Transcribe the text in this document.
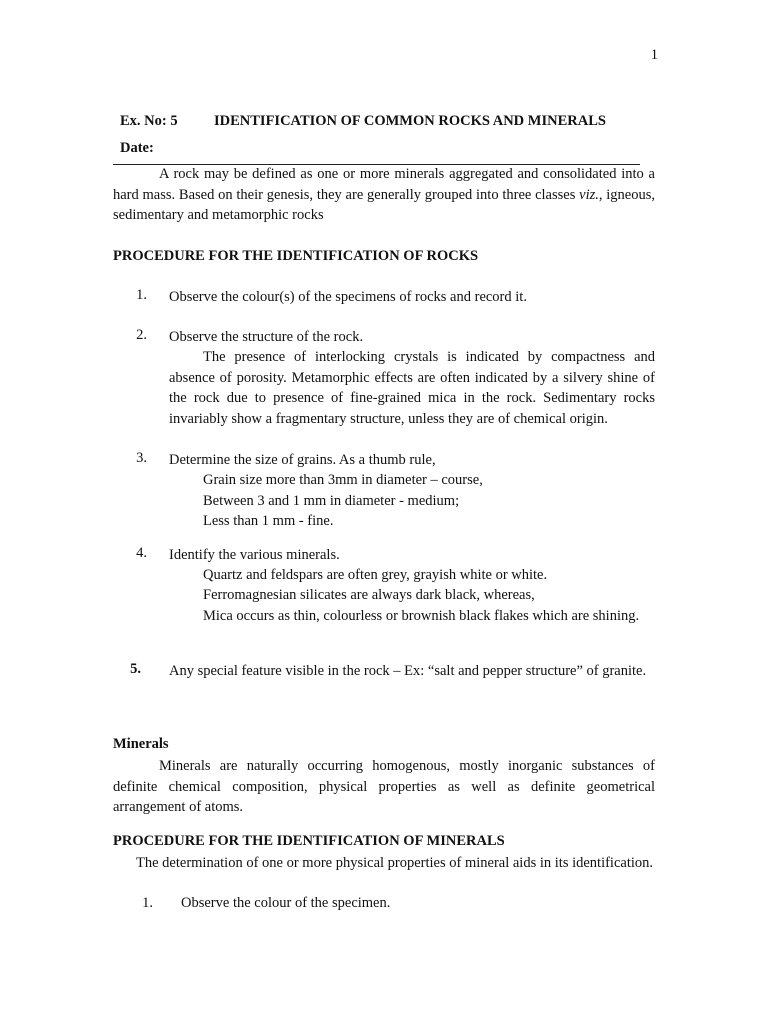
1
Ex. No: 5	IDENTIFICATION OF COMMON ROCKS AND MINERALS
Date:
A rock may be defined as one or more minerals aggregated and consolidated into a hard mass. Based on their genesis, they are generally grouped into three classes viz., igneous, sedimentary and metamorphic rocks
PROCEDURE FOR THE IDENTIFICATION OF ROCKS
1. Observe the colour(s) of the specimens of rocks and record it.
2. Observe the structure of the rock.
The presence of interlocking crystals is indicated by compactness and absence of porosity. Metamorphic effects are often indicated by a silvery shine of the rock due to presence of fine-grained mica in the rock. Sedimentary rocks invariably show a fragmentary structure, unless they are of chemical origin.
3. Determine the size of grains. As a thumb rule,
Grain size more than 3mm in diameter – course,
Between 3 and 1 mm in diameter - medium;
Less than 1 mm - fine.
4. Identify the various minerals.
Quartz and feldspars are often grey, grayish white or white.
Ferromagnesian silicates are always dark black, whereas,
Mica occurs as thin, colourless or brownish black flakes which are shining.
5. Any special feature visible in the rock – Ex: “salt and pepper structure” of granite.
Minerals
Minerals are naturally occurring homogenous, mostly inorganic substances of definite chemical composition, physical properties as well as definite geometrical arrangement of atoms.
PROCEDURE FOR THE IDENTIFICATION OF MINERALS
The determination of one or more physical properties of mineral aids in its identification.
1. Observe the colour of the specimen.
